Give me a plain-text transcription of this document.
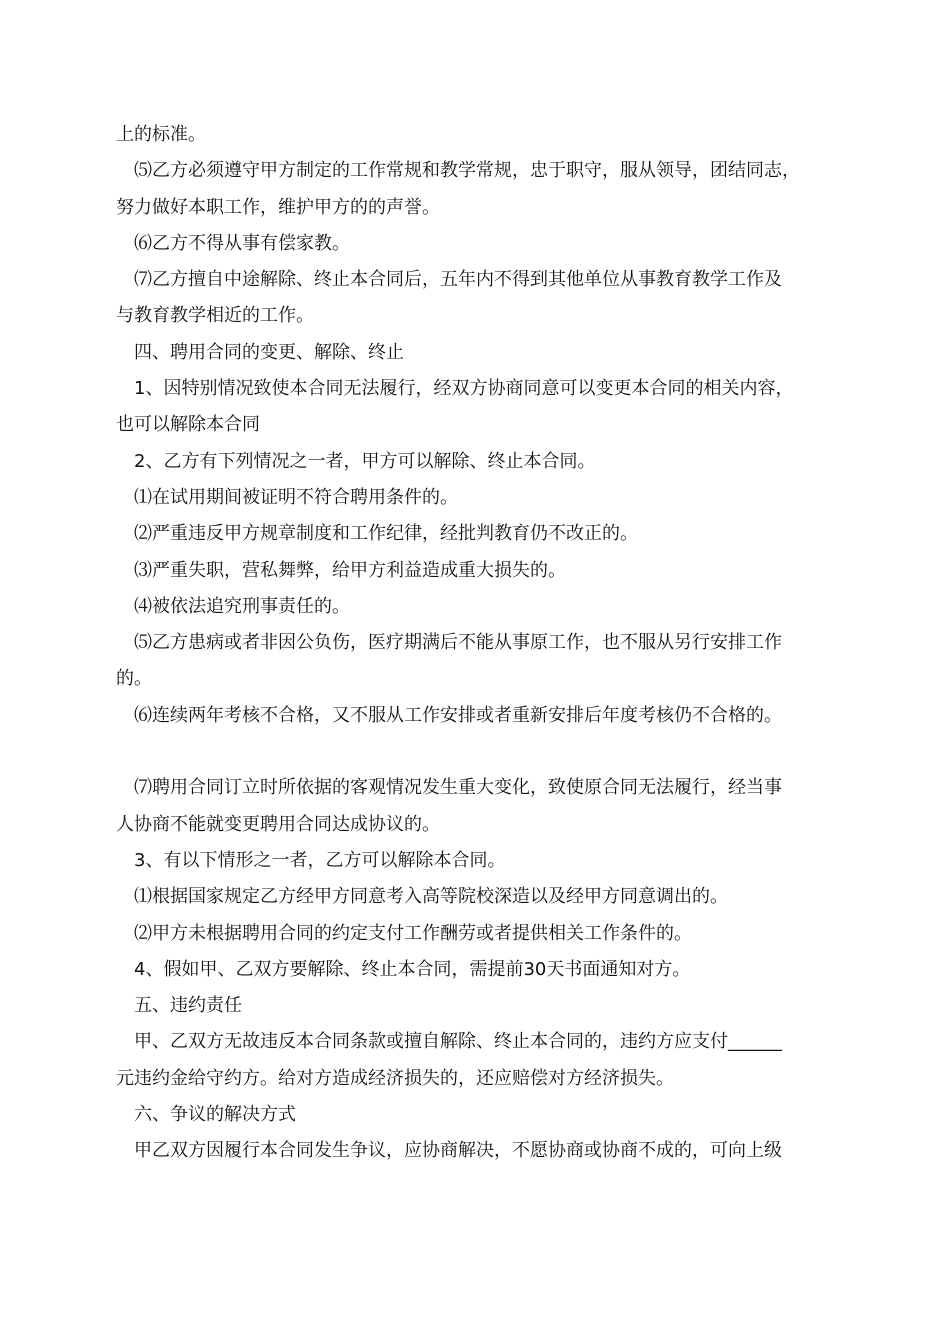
上的标准。

⑸乙方必须遵守甲方制定的工作常规和教学常规，忠于职守，服从领导，团结同志，

努力做好本职工作，维护甲方的的声誉。

⑹乙方不得从事有偿家教。

⑺乙方擅自中途解除、终止本合同后，五年内不得到其他单位从事教育教学工作及

与教育教学相近的工作。

四、聘用合同的变更、解除、终止

1、因特别情况致使本合同无法履行，经双方协商同意可以变更本合同的相关内容，

也可以解除本合同

2、乙方有下列情况之一者，甲方可以解除、终止本合同。

⑴在试用期间被证明不符合聘用条件的。

⑵严重违反甲方规章制度和工作纪律，经批判教育仍不改正的。

⑶严重失职，营私舞弊，给甲方利益造成重大损失的。

⑷被依法追究刑事责任的。

⑸乙方患病或者非因公负伤，医疗期满后不能从事原工作，也不服从另行安排工作

的。

⑹连续两年考核不合格，又不服从工作安排或者重新安排后年度考核仍不合格的。

⑺聘用合同订立时所依据的客观情况发生重大变化，致使原合同无法履行，经当事

人协商不能就变更聘用合同达成协议的。

3、有以下情形之一者，乙方可以解除本合同。

⑴根据国家规定乙方经甲方同意考入高等院校深造以及经甲方同意调出的。

⑵甲方未根据聘用合同的约定支付工作酬劳或者提供相关工作条件的。

4、假如甲、乙双方要解除、终止本合同，需提前30天书面通知对方。

五、违约责任

甲、乙双方无故违反本合同条款或擅自解除、终止本合同的，违约方应支付______

元违约金给守约方。给对方造成经济损失的，还应赔偿对方经济损失。

六、争议的解决方式

甲乙双方因履行本合同发生争议，应协商解决，不愿协商或协商不成的，可向上级
